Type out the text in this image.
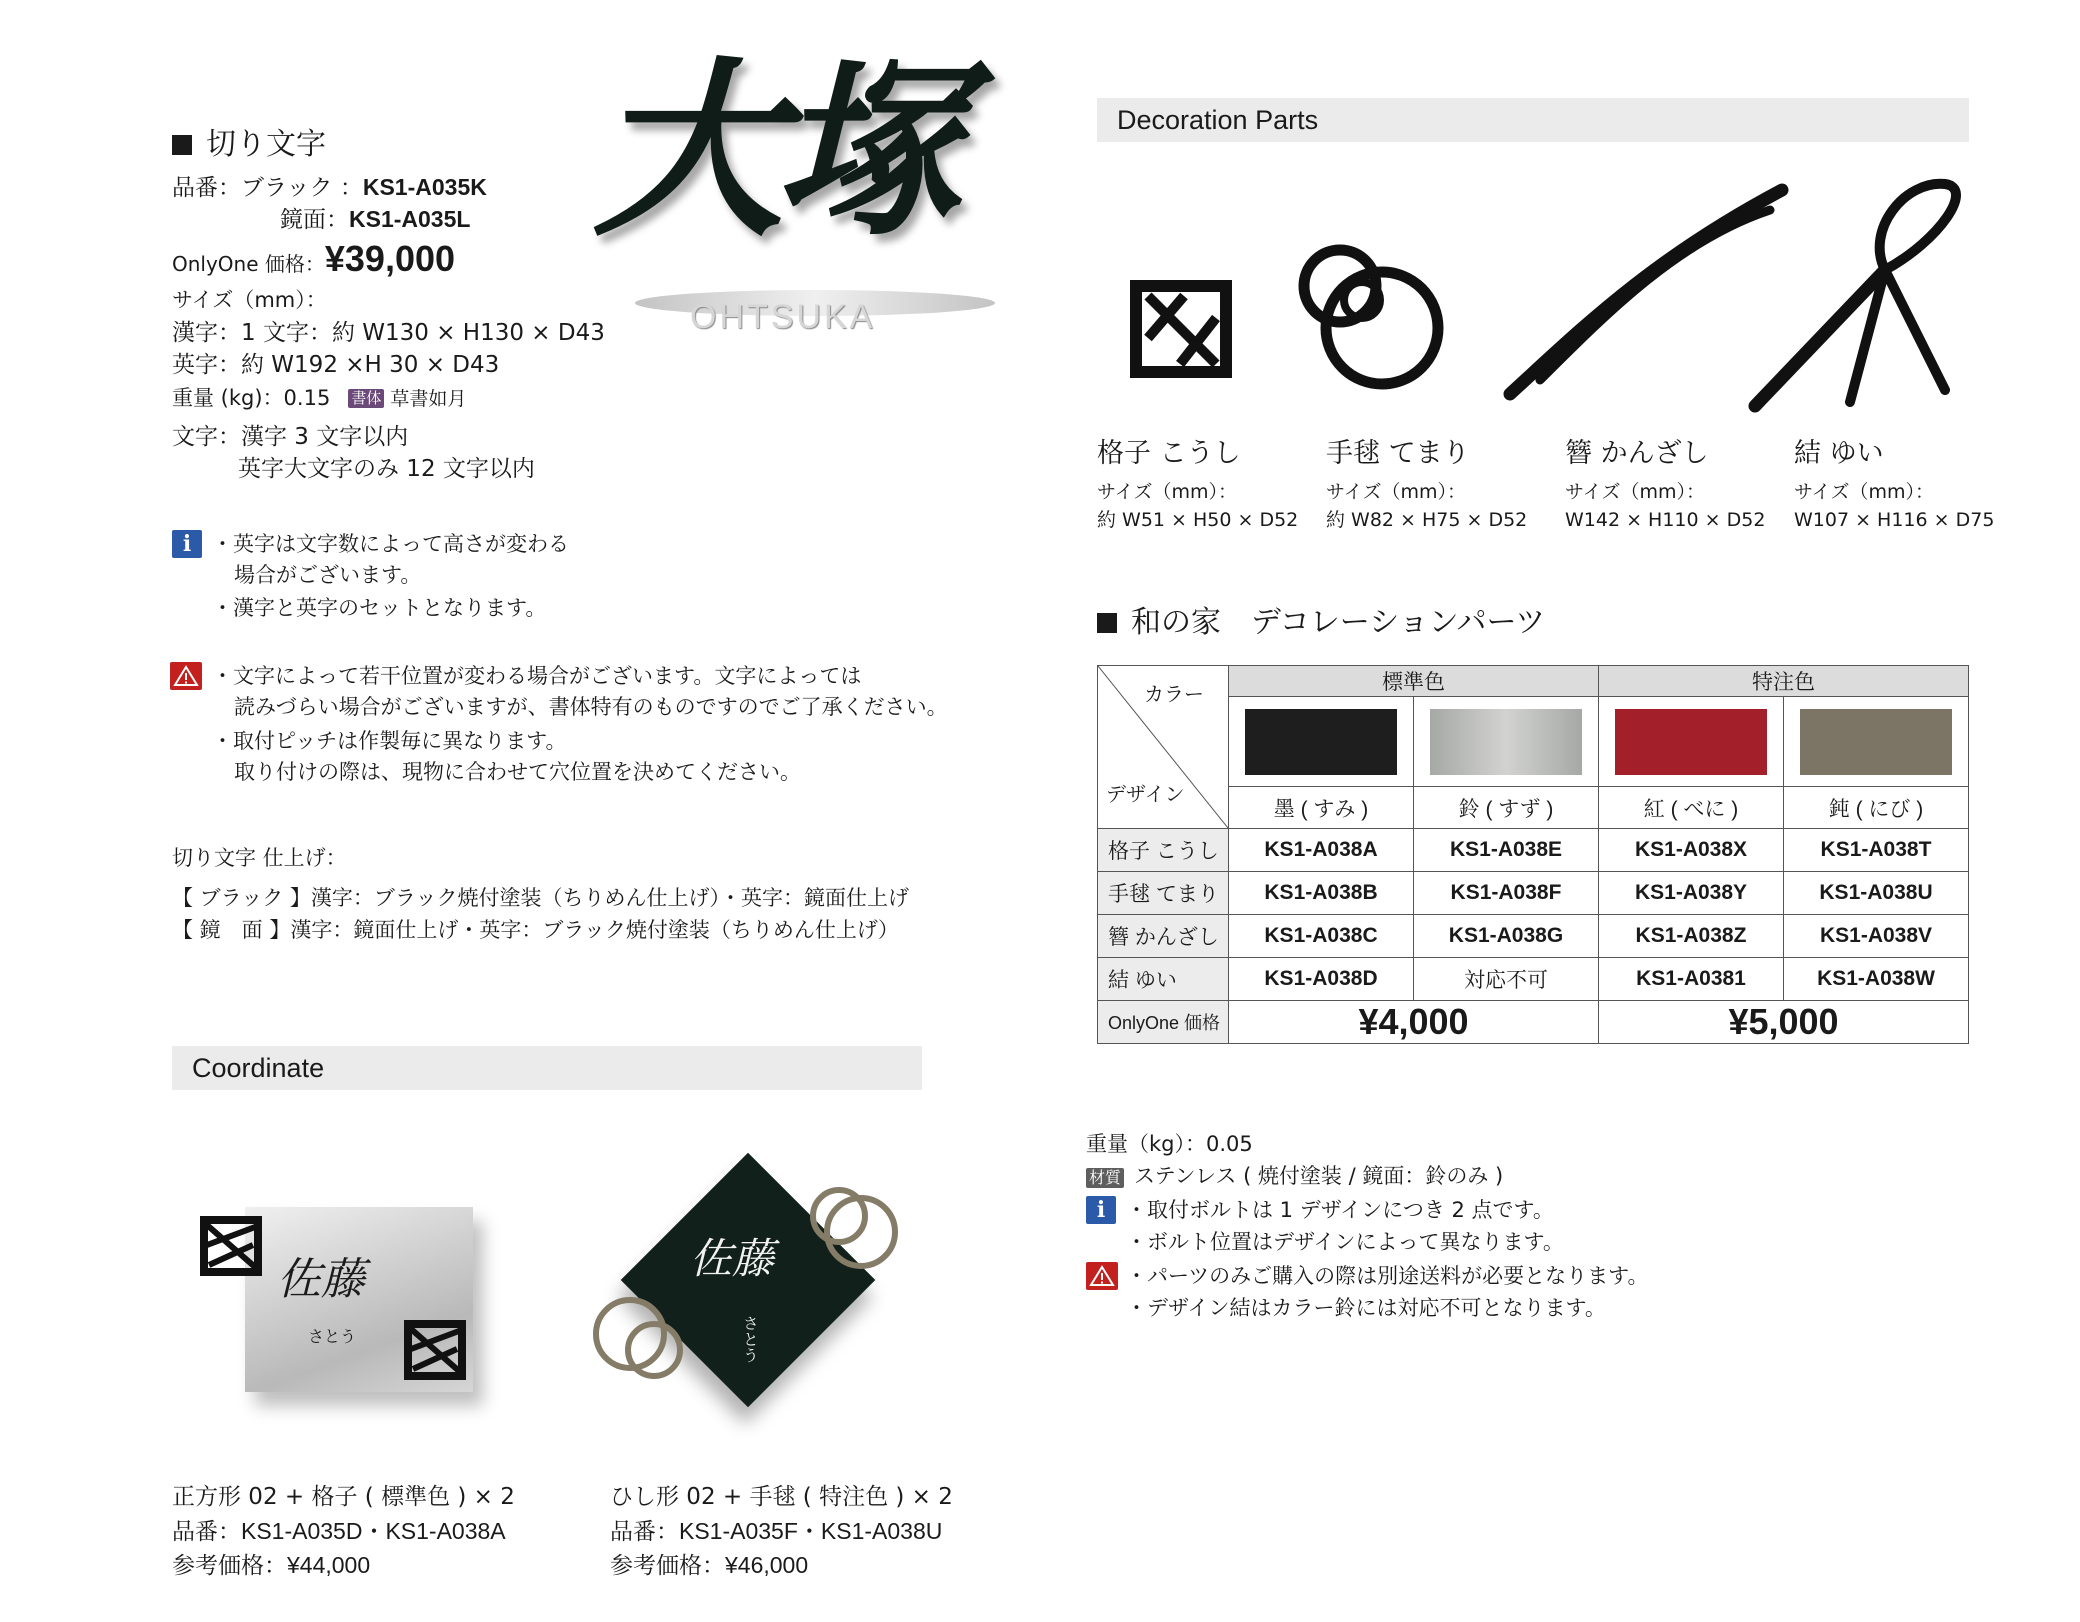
切り文字
品番：ブラック ：KS1-A035K
鏡面：KS1-A035L
OnlyOne 価格：¥39,000
サイズ（mm）：
漢字：1 文字：約 W130 × H130 × D43
英字：約 W192 ×H 30 × D43
重量 (kg)：0.15 書体 草書如月
文字：漢字 3 文字以内
英字大文字のみ 12 文字以内
大塚
OHTSUKA
i ・英字は文字数によって高さが変わる
場合がございます。
・漢字と英字のセットとなります。
・文字によって若干位置が変わる場合がございます。文字によっては
読みづらい場合がございますが、書体特有のものですのでご了承ください。
・取付ピッチは作製毎に異なります。
取り付けの際は、現物に合わせて穴位置を決めてください。
切り文字 仕上げ：
【 ブラック 】漢字：ブラック焼付塗装（ちりめん仕上げ）・英字：鏡面仕上げ
【 鏡　面 】漢字：鏡面仕上げ・英字：ブラック焼付塗装（ちりめん仕上げ）
Coordinate
佐藤
さとう
佐藤
さとう
正方形 02 + 格子 ( 標準色 ) × 2
品番：KS1-A035D・KS1-A038A
参考価格：¥44,000
ひし形 02 + 手毬 ( 特注色 ) × 2
品番：KS1-A035F・KS1-A038U
参考価格：¥46,000
Decoration Parts
格子 こうし
サイズ（mm）：
約 W51 × H50 × D52
手毬 てまり
サイズ（mm）：
約 W82 × H75 × D52
簪 かんざし
サイズ（mm）：
W142 × H110 × D52
結 ゆい
サイズ（mm）：
W107 × H116 × D75
和の家　デコレーションパーツ
カラー
デザイン	標準色		特注色	

	墨 ( すみ )	鈴 ( すず )	紅 ( べに )	鈍 ( にび )
格子 こうし	KS1-A038A	KS1-A038E	KS1-A038X	KS1-A038T
手毬 てまり	KS1-A038B	KS1-A038F	KS1-A038Y	KS1-A038U
簪 かんざし	KS1-A038C	KS1-A038G	KS1-A038Z	KS1-A038V
結 ゆい	KS1-A038D	対応不可	KS1-A0381	KS1-A038W
OnlyOne 価格	¥4,000		¥5,000	
重量（kg）：0.05
材質 ステンレス ( 焼付塗装 / 鏡面：鈴のみ )
i ・取付ボルトは 1 デザインにつき 2 点です。
・ボルト位置はデザインによって異なります。
・パーツのみご購入の際は別途送料が必要となります。
・デザイン結はカラー鈴には対応不可となります。
